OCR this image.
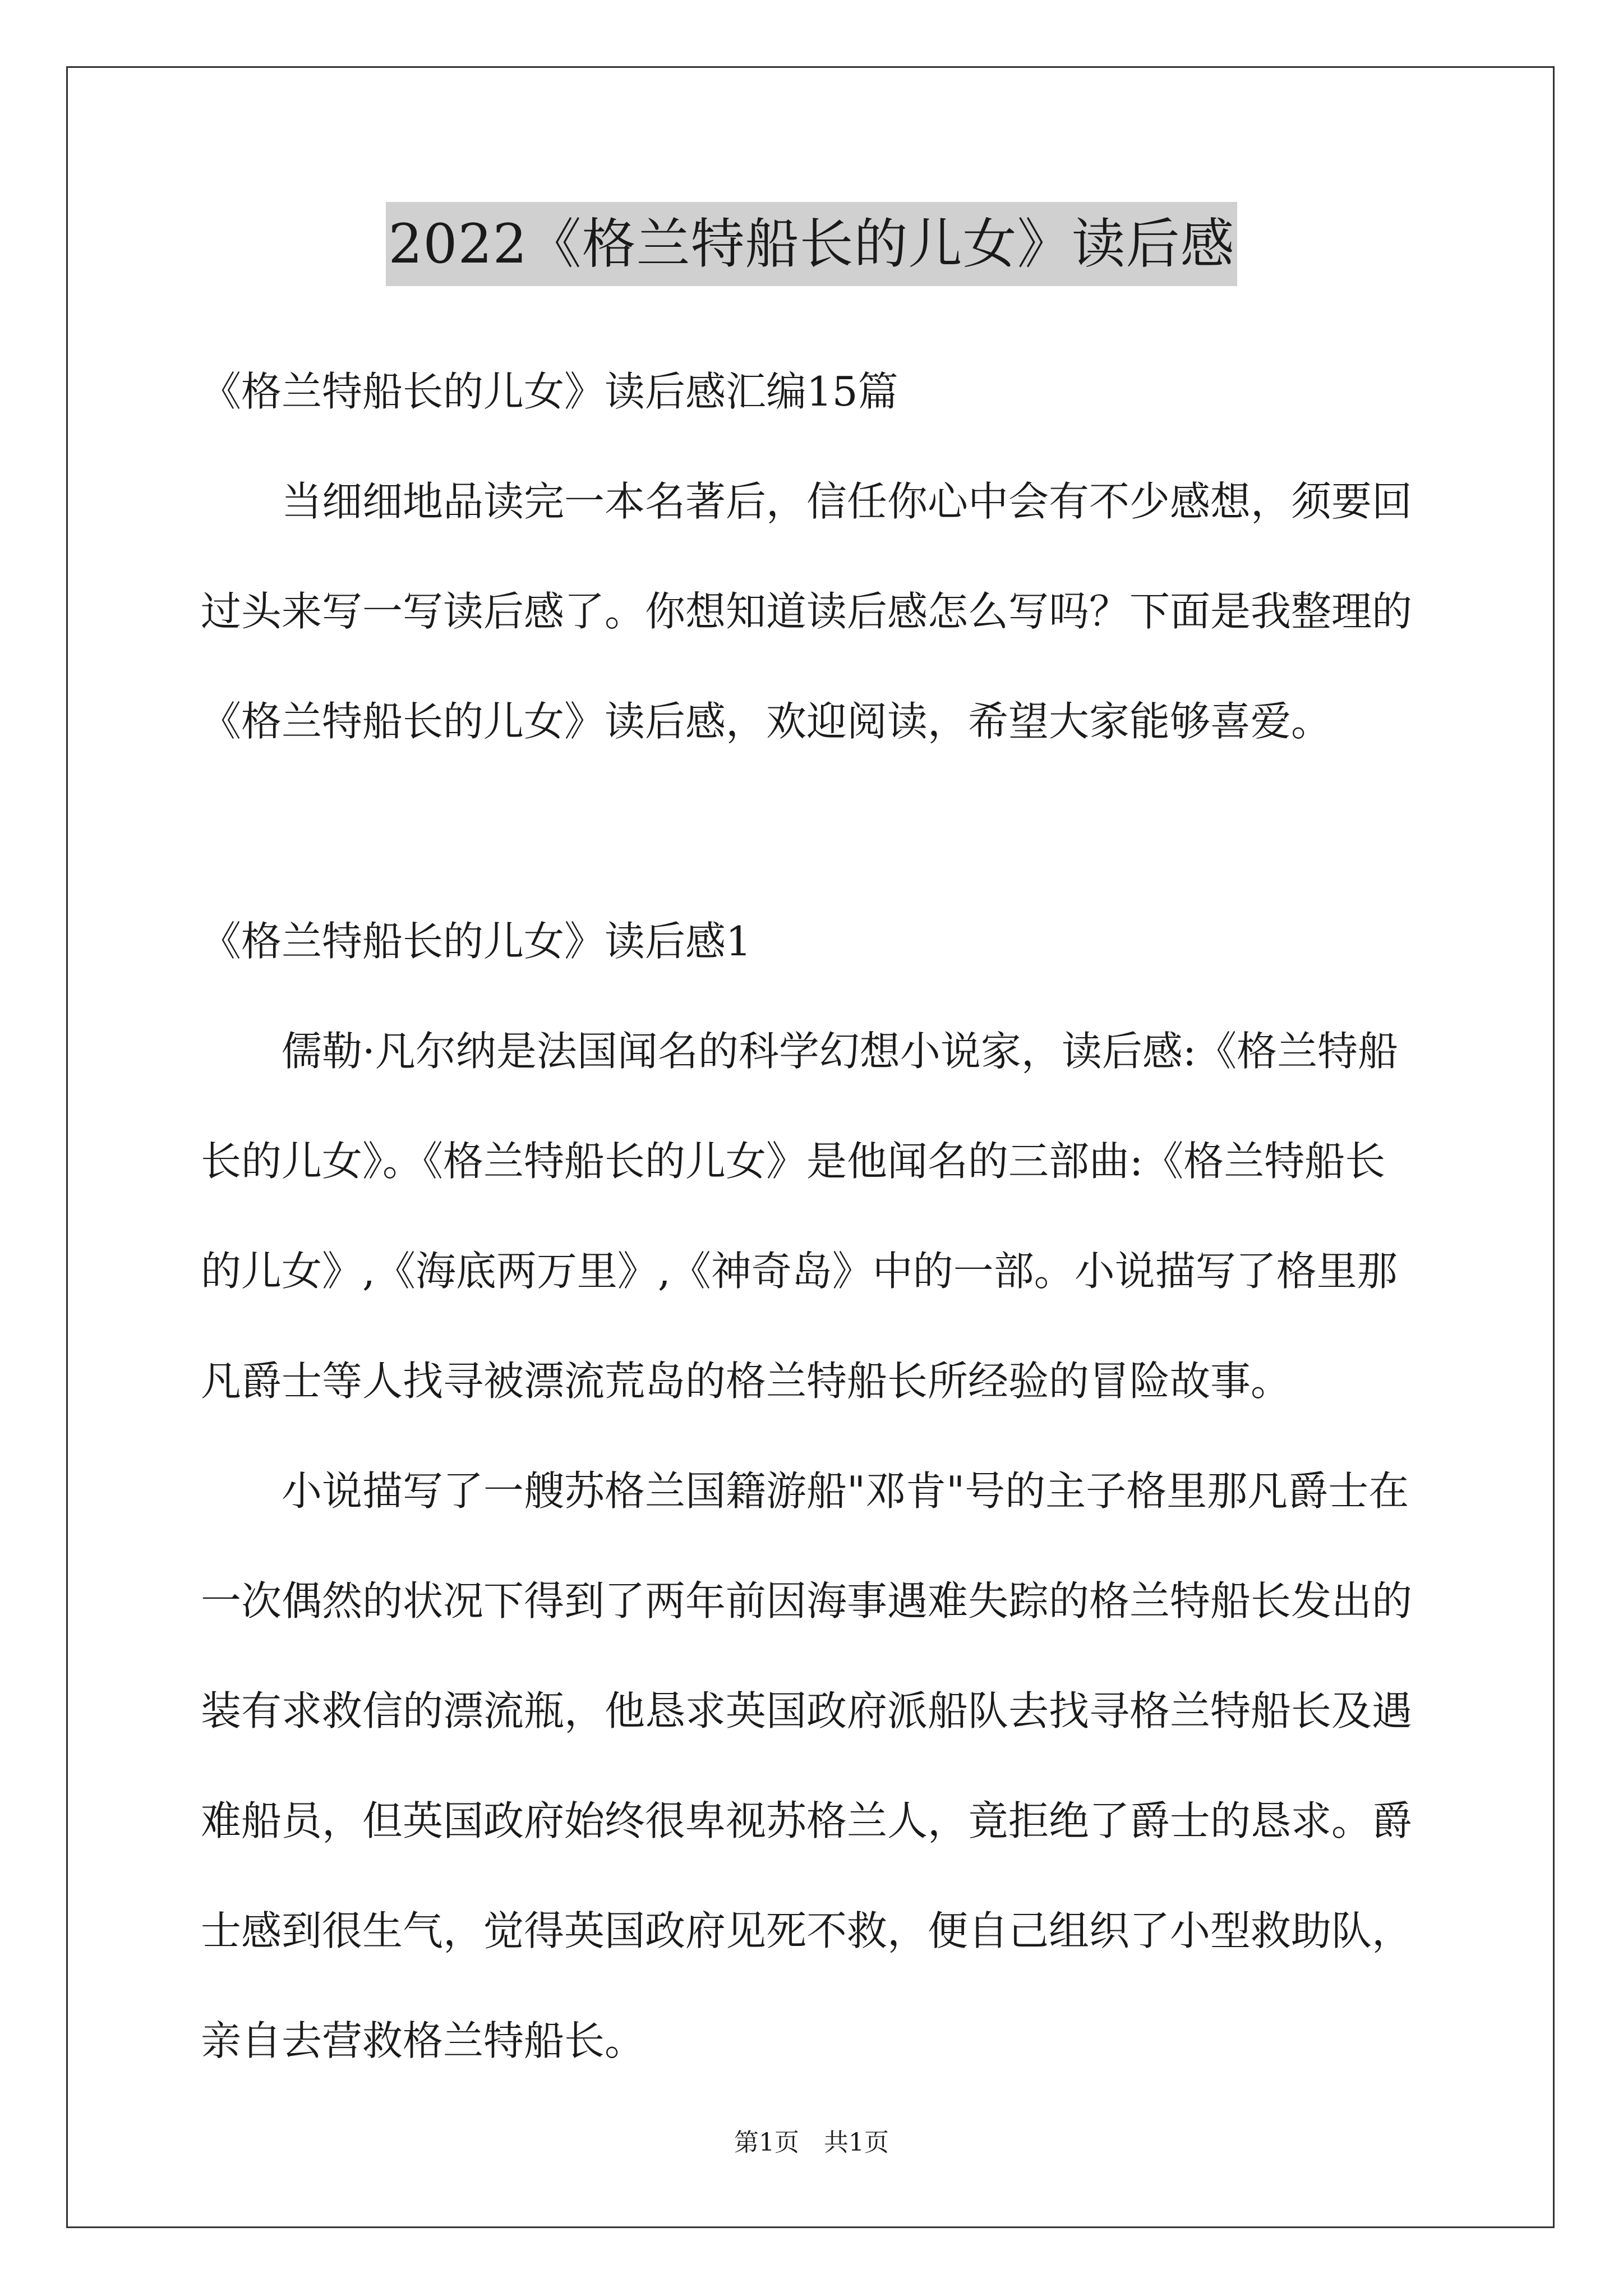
2022《格兰特船长的儿女》读后感

《格兰特船长的儿女》读后感汇编15篇

当细细地品读完一本名著后，信任你心中会有不少感想，须要回过头来写一写读后感了。你想知道读后感怎么写吗？下面是我整理的《格兰特船长的儿女》读后感，欢迎阅读，希望大家能够喜爱。

《格兰特船长的儿女》读后感1

儒勒·凡尔纳是法国闻名的科学幻想小说家，读后感:《格兰特船长的儿女》。《格兰特船长的儿女》是他闻名的三部曲:《格兰特船长的儿女》,《海底两万里》,《神奇岛》中的一部。小说描写了格里那凡爵士等人找寻被漂流荒岛的格兰特船长所经验的冒险故事。

小说描写了一艘苏格兰国籍游船"邓肯"号的主子格里那凡爵士在一次偶然的状况下得到了两年前因海事遇难失踪的格兰特船长发出的装有求救信的漂流瓶，他恳求英国政府派船队去找寻格兰特船长及遇难船员，但英国政府始终很卑视苏格兰人，竟拒绝了爵士的恳求。爵士感到很生气，觉得英国政府见死不救，便自己组织了小型救助队，亲自去营救格兰特船长。

第1页　共1页
